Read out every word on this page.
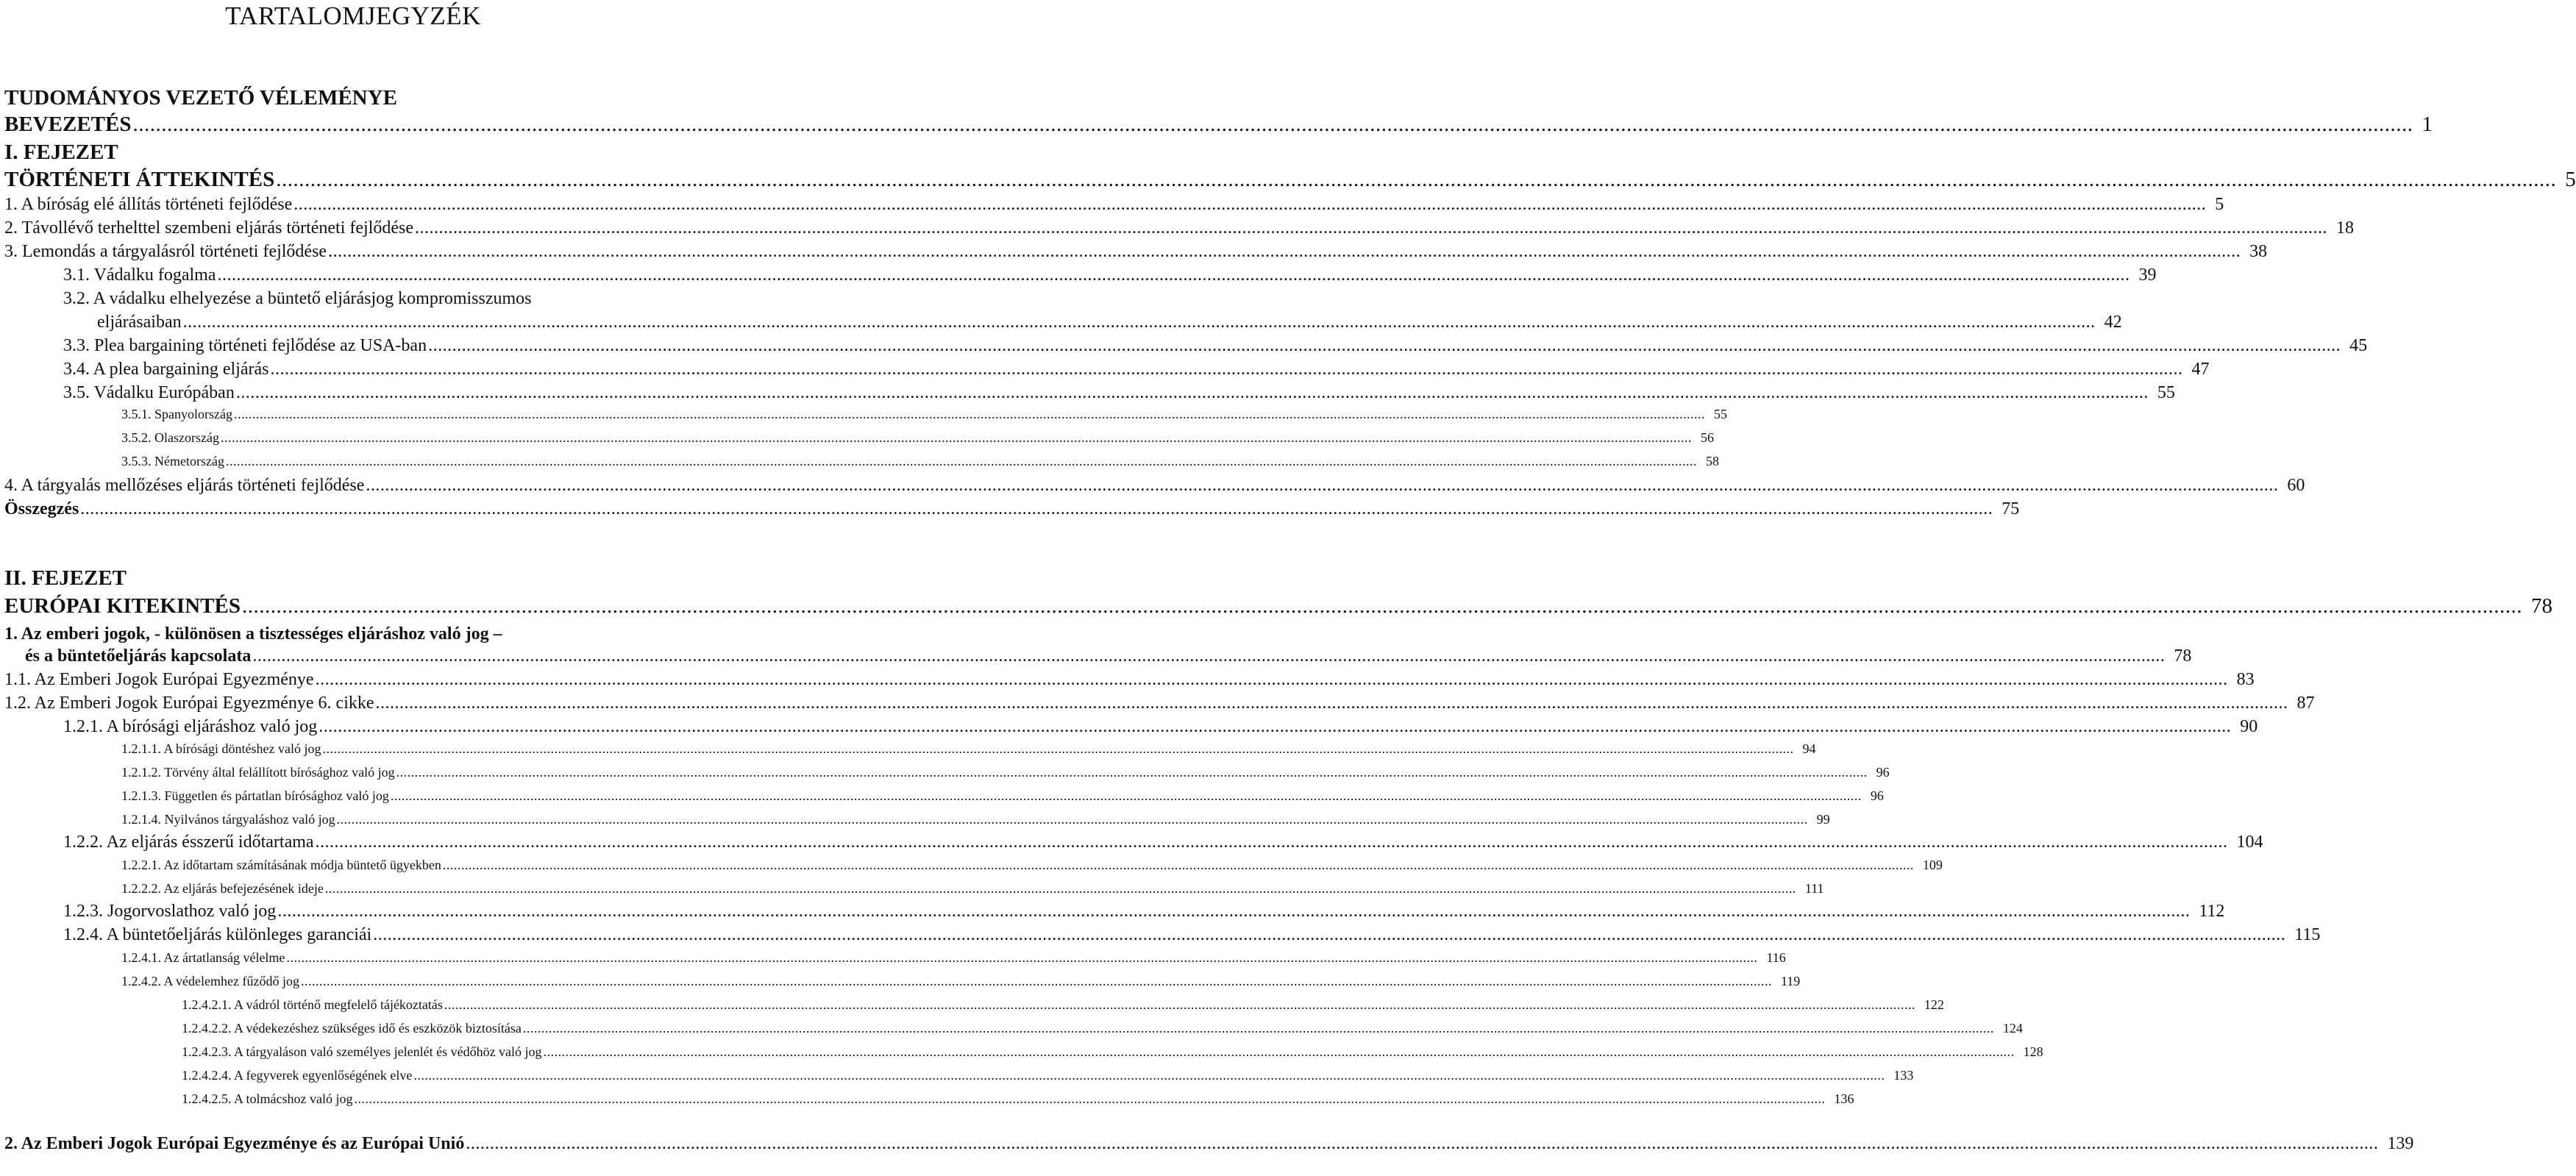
TARTALOMJEGYZÉK
TUDOMÁNYOS VEZETŐ VÉLEMÉNYE
BEVEZETÉS ................................................................................................................................................................................................................................................................................................................................................................................................................ 1
I. FEJEZET
TÖRTÉNETI ÁTTEKINTÉS ................................................................................................................................................................................................................................................................................................................................................................................................................ 5
1. A bíróság elé állítás történeti fejlődése ................................................................................................................................................................................................................................................................................................................................................................................................................ 5
2. Távollévő terhelttel szembeni eljárás történeti fejlődése ................................................................................................................................................................................................................................................................................................................................................................................................................ 18
3. Lemondás a tárgyalásról történeti fejlődése ................................................................................................................................................................................................................................................................................................................................................................................................................ 38
3.1. Vádalku fogalma ................................................................................................................................................................................................................................................................................................................................................................................................................ 39
3.2. A vádalku elhelyezése a büntető eljárásjog kompromisszumos
eljárásaiban ................................................................................................................................................................................................................................................................................................................................................................................................................ 42
3.3. Plea bargaining történeti fejlődése az USA-ban ................................................................................................................................................................................................................................................................................................................................................................................................................ 45
3.4. A plea bargaining eljárás ................................................................................................................................................................................................................................................................................................................................................................................................................ 47
3.5. Vádalku Európában ................................................................................................................................................................................................................................................................................................................................................................................................................ 55
3.5.1. Spanyolország ................................................................................................................................................................................................................................................................................................................................................................................................................ 55
3.5.2. Olaszország ................................................................................................................................................................................................................................................................................................................................................................................................................ 56
3.5.3. Németország ................................................................................................................................................................................................................................................................................................................................................................................................................ 58
4. A tárgyalás mellőzéses eljárás történeti fejlődése ................................................................................................................................................................................................................................................................................................................................................................................................................ 60
Összegzés ................................................................................................................................................................................................................................................................................................................................................................................................................ 75
II. FEJEZET
EURÓPAI KITEKINTÉS ................................................................................................................................................................................................................................................................................................................................................................................................................ 78
1. Az emberi jogok, - különösen a tisztességes eljáráshoz való jog –
és a büntetőeljárás kapcsolata ................................................................................................................................................................................................................................................................................................................................................................................................................ 78
1.1. Az Emberi Jogok Európai Egyezménye ................................................................................................................................................................................................................................................................................................................................................................................................................ 83
1.2. Az Emberi Jogok Európai Egyezménye 6. cikke ................................................................................................................................................................................................................................................................................................................................................................................................................ 87
1.2.1. A bírósági eljáráshoz való jog ................................................................................................................................................................................................................................................................................................................................................................................................................ 90
1.2.1.1. A bírósági döntéshez való jog ................................................................................................................................................................................................................................................................................................................................................................................................................ 94
1.2.1.2. Törvény által felállított bírósághoz való jog ................................................................................................................................................................................................................................................................................................................................................................................................................ 96
1.2.1.3. Független és pártatlan bírósághoz való jog ................................................................................................................................................................................................................................................................................................................................................................................................................ 96
1.2.1.4. Nyilvános tárgyaláshoz való jog ................................................................................................................................................................................................................................................................................................................................................................................................................ 99
1.2.2. Az eljárás ésszerű időtartama ................................................................................................................................................................................................................................................................................................................................................................................................................ 104
1.2.2.1. Az időtartam számításának módja büntető ügyekben ................................................................................................................................................................................................................................................................................................................................................................................................................ 109
1.2.2.2. Az eljárás befejezésének ideje ................................................................................................................................................................................................................................................................................................................................................................................................................ 111
1.2.3. Jogorvoslathoz való jog ................................................................................................................................................................................................................................................................................................................................................................................................................ 112
1.2.4. A büntetőeljárás különleges garanciái ................................................................................................................................................................................................................................................................................................................................................................................................................ 115
1.2.4.1. Az ártatlanság vélelme ................................................................................................................................................................................................................................................................................................................................................................................................................ 116
1.2.4.2. A védelemhez fűződő jog ................................................................................................................................................................................................................................................................................................................................................................................................................ 119
1.2.4.2.1. A vádról történő megfelelő tájékoztatás ................................................................................................................................................................................................................................................................................................................................................................................................................ 122
1.2.4.2.2. A védekezéshez szükséges idő és eszközök biztosítása ................................................................................................................................................................................................................................................................................................................................................................................................................ 124
1.2.4.2.3. A tárgyaláson való személyes jelenlét és védőhöz való jog ................................................................................................................................................................................................................................................................................................................................................................................................................ 128
1.2.4.2.4. A fegyverek egyenlőségének elve ................................................................................................................................................................................................................................................................................................................................................................................................................ 133
1.2.4.2.5. A tolmácshoz való jog ................................................................................................................................................................................................................................................................................................................................................................................................................ 136
2. Az Emberi Jogok Európai Egyezménye és az Európai Unió ................................................................................................................................................................................................................................................................................................................................................................................................................ 139
